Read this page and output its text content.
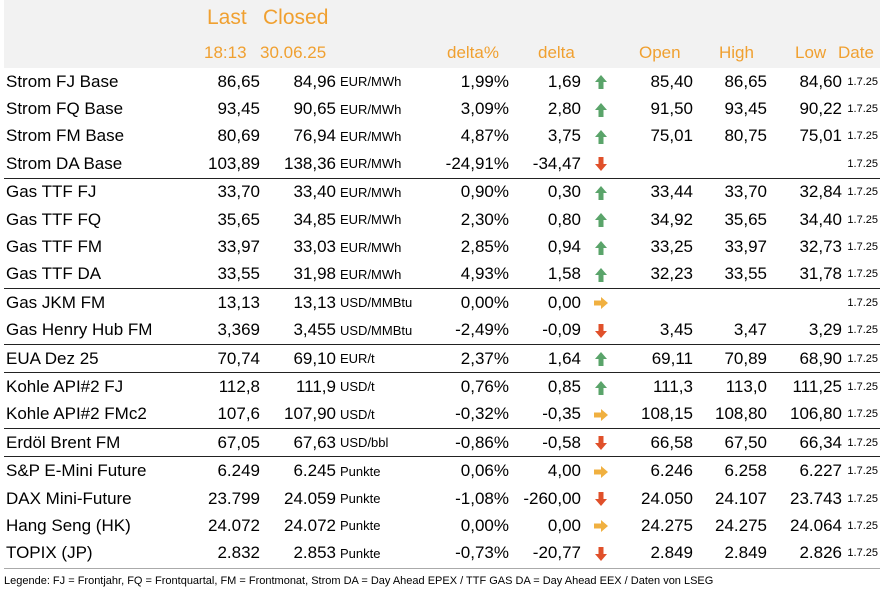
Last Closed
18:13 30.06.25	delta% delta	Open High Low Date
Strom FJ Base	86,65	84,96	EUR/MWh	1,99%	1,69		85,40	86,65	84,60	1.7.25
Strom FQ Base	93,45	90,65	EUR/MWh	3,09%	2,80		91,50	93,45	90,22	1.7.25
Strom FM Base	80,69	76,94	EUR/MWh	4,87%	3,75		75,01	80,75	75,01	1.7.25
Strom DA Base	103,89	138,36	EUR/MWh	-24,91%	-34,47					1.7.25
Gas TTF FJ	33,70	33,40	EUR/MWh	0,90%	0,30		33,44	33,70	32,84	1.7.25
Gas TTF FQ	35,65	34,85	EUR/MWh	2,30%	0,80		34,92	35,65	34,40	1.7.25
Gas TTF FM	33,97	33,03	EUR/MWh	2,85%	0,94		33,25	33,97	32,73	1.7.25
Gas TTF DA	33,55	31,98	EUR/MWh	4,93%	1,58		32,23	33,55	31,78	1.7.25
Gas JKM FM	13,13	13,13	USD/MMBtu	0,00%	0,00					1.7.25
Gas Henry Hub FM	3,369	3,455	USD/MMBtu	-2,49%	-0,09		3,45	3,47	3,29	1.7.25
EUA Dez 25	70,74	69,10	EUR/t	2,37%	1,64		69,11	70,89	68,90	1.7.25
Kohle API#2 FJ	112,8	111,9	USD/t	0,76%	0,85		111,3	113,0	111,25	1.7.25
Kohle API#2 FMc2	107,6	107,90	USD/t	-0,32%	-0,35		108,15	108,80	106,80	1.7.25
Erdöl Brent FM	67,05	67,63	USD/bbl	-0,86%	-0,58		66,58	67,50	66,34	1.7.25
S&P E-Mini Future	6.249	6.245	Punkte	0,06%	4,00		6.246	6.258	6.227	1.7.25
DAX Mini-Future	23.799	24.059	Punkte	-1,08%	-260,00		24.050	24.107	23.743	1.7.25
Hang Seng (HK)	24.072	24.072	Punkte	0,00%	0,00		24.275	24.275	24.064	1.7.25
TOPIX (JP)	2.832	2.853	Punkte	-0,73%	-20,77		2.849	2.849	2.826	1.7.25
Legende: FJ = Frontjahr, FQ = Frontquartal, FM = Frontmonat, Strom DA = Day Ahead EPEX / TTF GAS DA = Day Ahead EEX / Daten von LSEG
